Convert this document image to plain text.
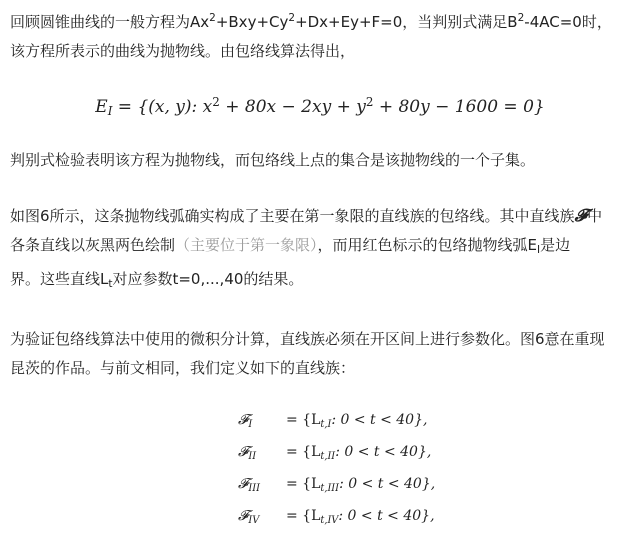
回顾圆锥曲线的一般方程为$Ax^2+Bxy+Cy^2+Dx+Ey+F=0$，当判别式满足$B^2-4AC=0$时，
该方程所表示的曲线为抛物线。由包络线算法得出，

$E_I = \{(x$, y): $x^2 + 80x - 2xy + y^2 + 80y - 1600 = 0$}

判别式检验表明该方程为抛物线，而包络线上点的集合是该抛物线的一个子集。

如图6所示，这条抛物线弧确实构成了主要在第一象限的直线族的包络线。其中直线族𝓕中
各条直线以灰黑两色绘制（主要位于第一象限），而用红色标示的包络抛物线弧$E_I$是边
界。这些直线$L_t$对应参数t=0,...,40的结果。

为验证包络线算法中使用的微积分计算，直线族必须在开区间上进行参数化。图6意在重现
昆茨的作品。与前文相同，我们定义如下的直线族：

𝓕$_I$ = {$L_{t,I}$: 0 < t < 40},
𝓕$_{II}$ = {$L_{t,II}$: 0 < t < 40},
𝓕$_{III}$ = {$L_{t,III}$: 0 < t < 40},
𝓕$_{IV}$ = {$L_{t,IV}$: 0 < t < 40},
